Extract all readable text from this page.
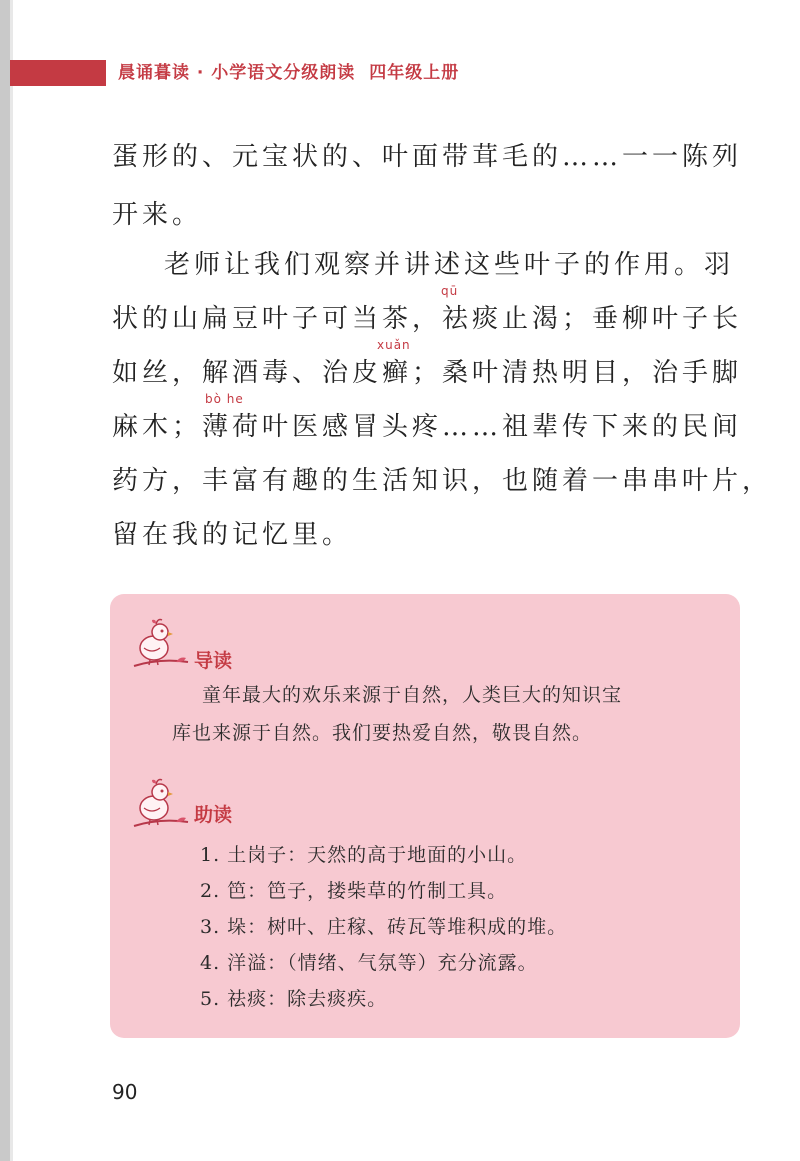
晨诵暮读 · 小学语文分级朗读 四年级上册
蛋形的、元宝状的、叶面带茸毛的……一一陈列
开来。
老师让我们观察并讲述这些叶子的作用。羽
状的山扁豆叶子可当茶，祛痰止渴；垂柳叶子长
如丝，解酒毒、治皮癣；桑叶清热明目，治手脚
麻木；薄荷叶医感冒头疼……祖辈传下来的民间
药方，丰富有趣的生活知识，也随着一串串叶片，
留在我的记忆里。
qū
xuǎn
bò he
导读
童年最大的欢乐来源于自然，人类巨大的知识宝
库也来源于自然。我们要热爱自然，敬畏自然。
助读
1. 土岗子：天然的高于地面的小山。
2. 笆：笆子，搂柴草的竹制工具。
3. 垛：树叶、庄稼、砖瓦等堆积成的堆。
4. 洋溢：（情绪、气氛等）充分流露。
5. 祛痰：除去痰疾。
90
